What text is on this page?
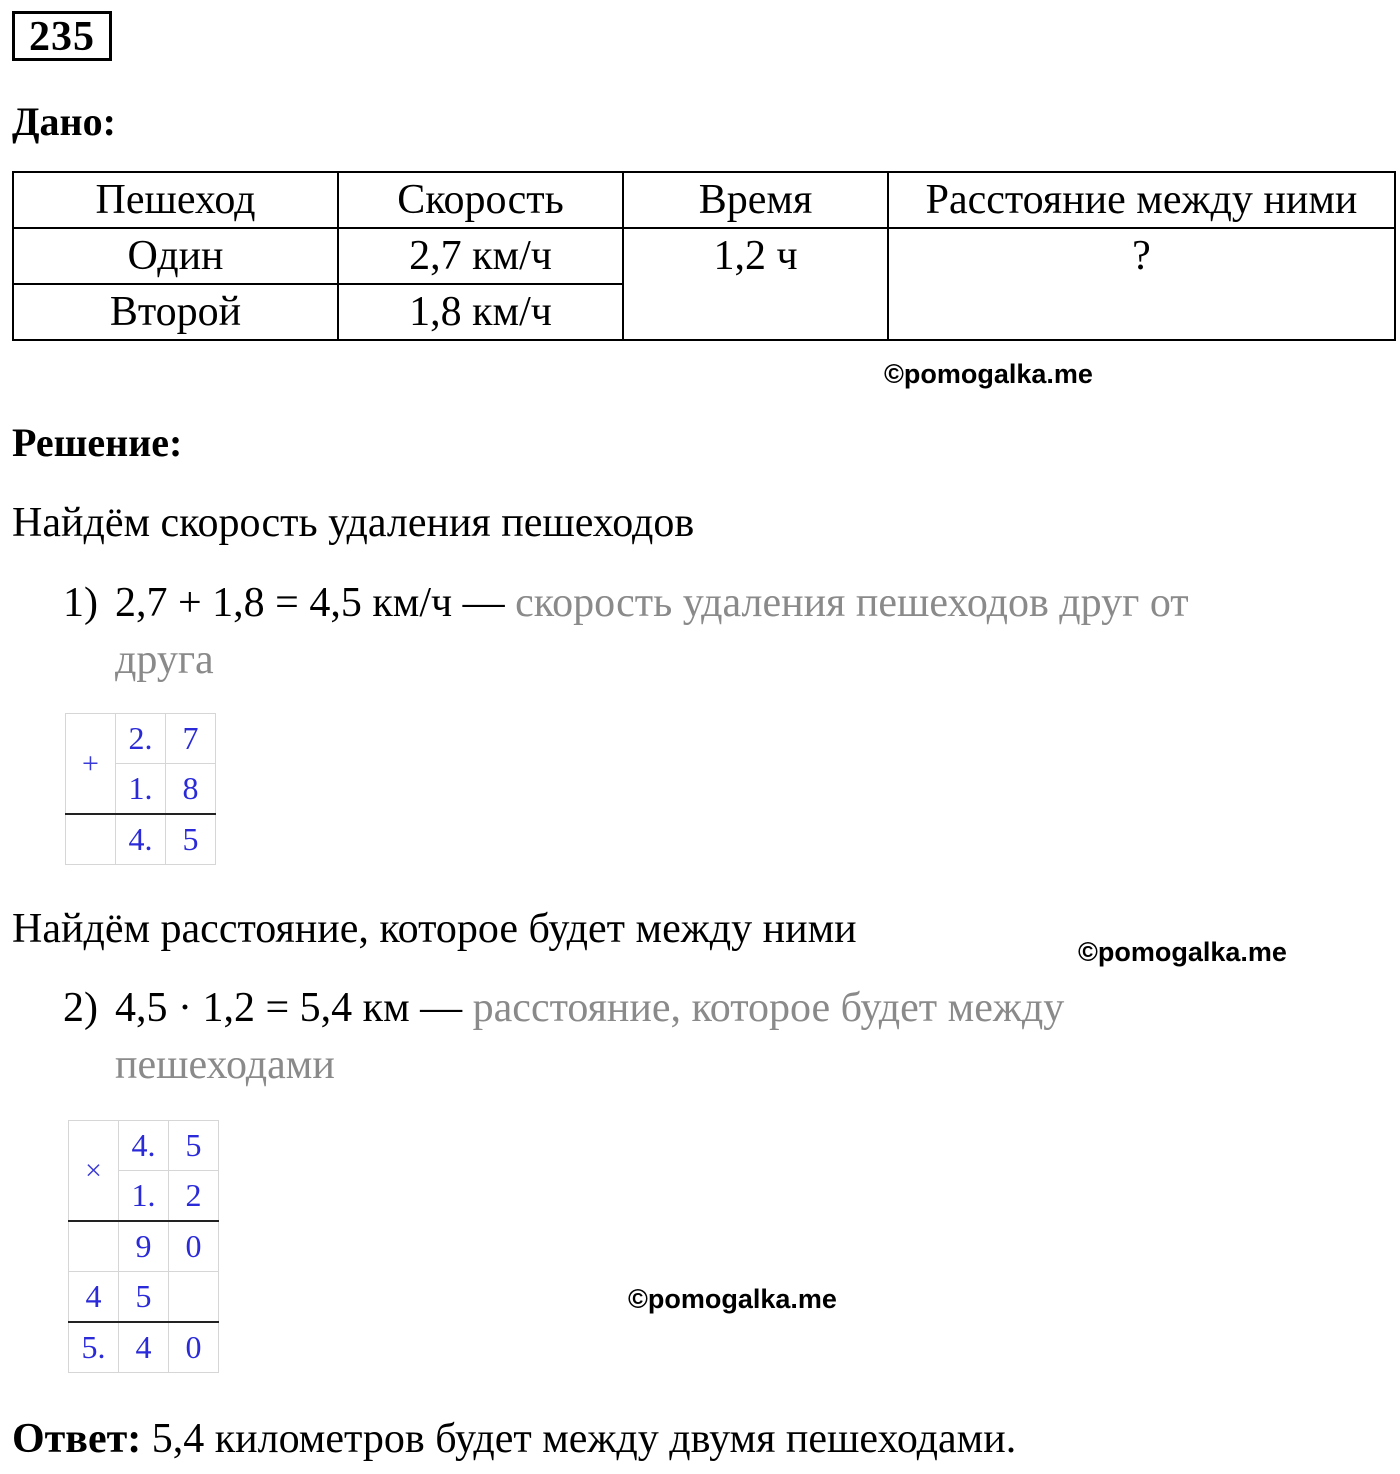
235
Дано:
Пешеход	Скорость	Время	Расстояние между ними
Один	2,7 км/ч	1,2 ч	?
Второй	1,8 км/ч		
©pomogalka.me
Решение:
Найдём скорость удаления пешеходов
1) 2,7 + 1,8 = 4,5 км/ч — скорость удаления пешеходов друг от
друга
+	2.	7
	1.	8
	4.	5
Найдём расстояние, которое будет между ними	©pomogalka.me
2) 4,5 · 1,2 = 5,4 км — расстояние, которое будет между
пешеходами
×	4.	5
	1.	2
	9	0
4	5	
5.	4	0
©pomogalka.me
Ответ: 5,4 километров будет между двумя пешеходами.
